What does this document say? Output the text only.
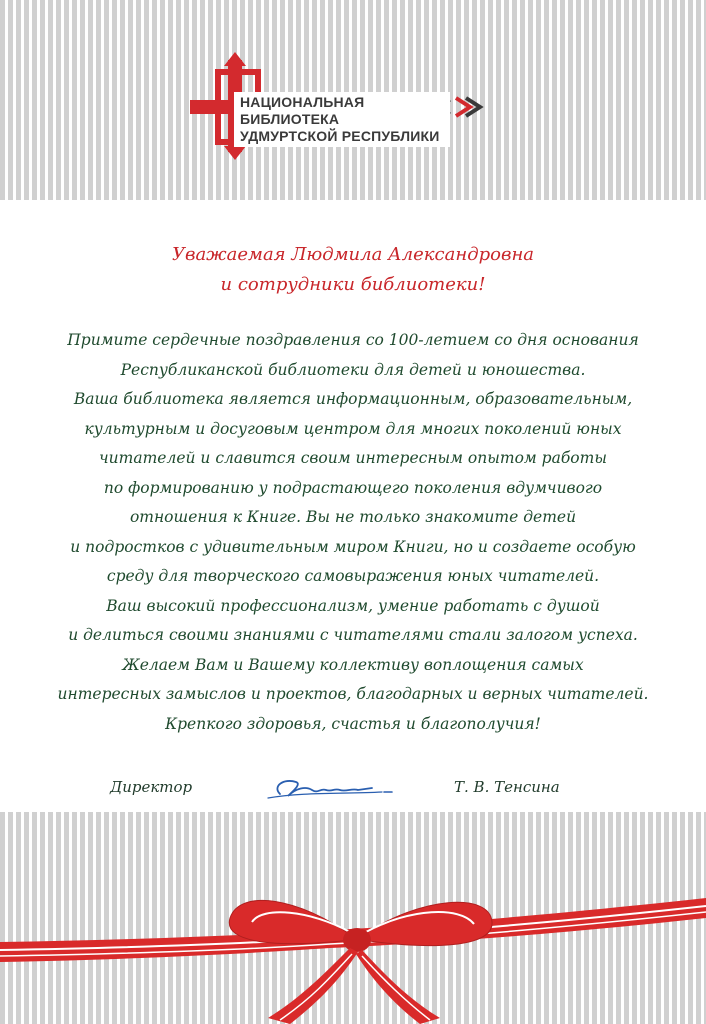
НАЦИОНАЛЬНАЯ БИБЛИОТЕКА
УДМУРТСКОЙ РЕСПУБЛИКИ
Уважаемая Людмила Александровна
и сотрудники библиотеки!
Примите сердечные поздравления со 100-летием со дня основания
Республиканской библиотеки для детей и юношества.
Ваша библиотека является информационным, образовательным,
культурным и досуговым центром для многих поколений юных
читателей и славится своим интересным опытом работы
по формированию у подрастающего поколения вдумчивого
отношения к Книге. Вы не только знакомите детей
и подростков с удивительным миром Книги, но и создаете особую
среду для творческого самовыражения юных читателей.
Ваш высокий профессионализм, умение работать с душой
и делиться своими знаниями с читателями стали залогом успеха.
Желаем Вам и Вашему коллективу воплощения самых
интересных замыслов и проектов, благодарных и верных читателей.
Крепкого здоровья, счастья и благополучия!
Директор	Т. В. Тенсина
